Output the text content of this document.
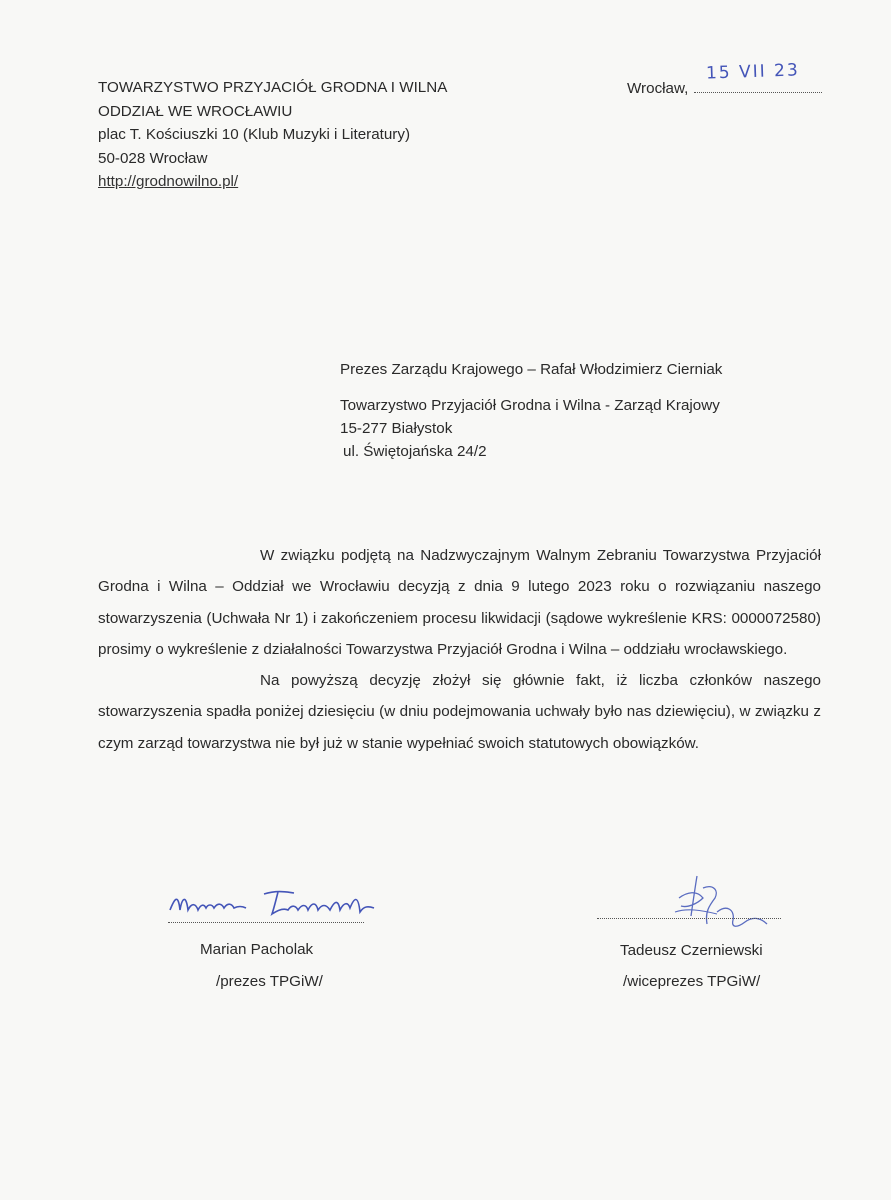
TOWARZYSTWO PRZYJACIÓŁ GRODNA I WILNA
ODDZIAŁ WE WROCŁAWIU
plac T. Kościuszki 10 (Klub Muzyki i Literatury)
50-028 Wrocław
http://grodnowilno.pl/
Wrocław,
15 VII 23
Prezes Zarządu Krajowego – Rafał Włodzimierz Cierniak
Towarzystwo Przyjaciół Grodna i Wilna - Zarząd Krajowy
15-277 Białystok
ul. Świętojańska 24/2

W związku podjętą na Nadzwyczajnym Walnym Zebraniu Towarzystwa Przyjaciół Grodna i Wilna – Oddział we Wrocławiu decyzją z dnia 9 lutego 2023 roku o rozwiązaniu naszego stowarzyszenia (Uchwała Nr 1) i zakończeniem procesu likwidacji (sądowe wykreślenie KRS: 0000072580) prosimy o wykreślenie z działalności Towarzystwa Przyjaciół Grodna i Wilna – oddziału wrocławskiego.

Na powyższą decyzję złożył się głównie fakt, iż liczba członków naszego stowarzyszenia spadła poniżej dziesięciu (w dniu podejmowania uchwały było nas dziewięciu), w związku z czym zarząd towarzystwa nie był już w stanie wypełniać swoich statutowych obowiązków.

Marian Pacholak
/prezes TPGiW/
Tadeusz Czerniewski
/wiceprezes TPGiW/
